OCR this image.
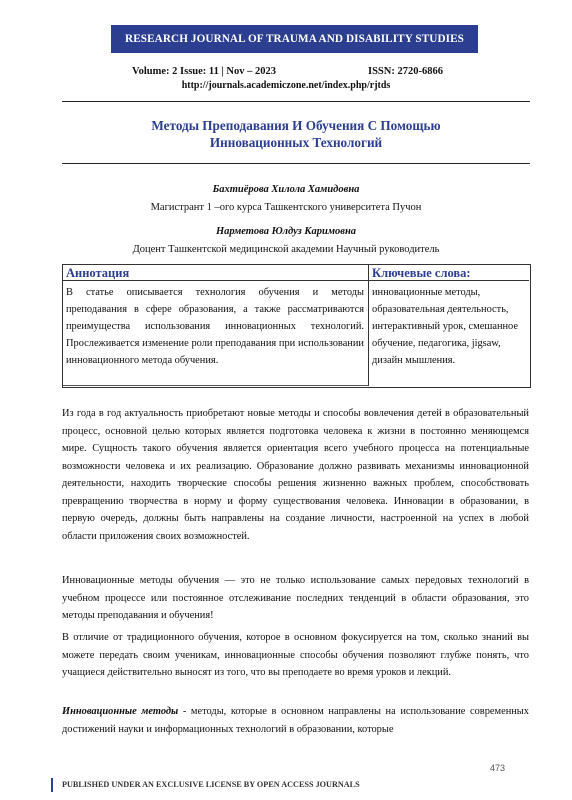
RESEARCH JOURNAL OF TRAUMA AND DISABILITY STUDIES
Volume: 2 Issue: 11 | Nov – 2023	ISSN: 2720-6866
http://journals.academiczone.net/index.php/rjtds
Методы Преподавания И Обучения С Помощью
Инновационных Технологий
Бахтиёрова Хилола Хамидовна
Магистрант 1 –ого курса Ташкентского университета Пучон
Нарметова Юлдуз Каримовна
Доцент Ташкентской медицинской академии Научный руководитель
Аннотация	Ключевые слова:
В статье описывается технология обучения и методы преподавания в сфере образования, а также рассматриваются преимущества использования инновационных технологий. Прослеживается изменение роли преподавания при использовании инновационного метода обучения.
инновационные методы, образовательная деятельность, интерактивный урок, смешанное обучение, педагогика, jigsaw, дизайн мышления.
Из года в год актуальность приобретают новые методы и способы вовлечения детей в образовательный процесс, основной целью которых является подготовка человека к жизни в постоянно меняющемся мире. Сущность такого обучения является ориентация всего учебного процесса на потенциальные возможности человека и их реализацию. Образование должно развивать механизмы инновационной деятельности, находить творческие способы решения жизненно важных проблем, способствовать превращению творчества в норму и форму существования человека. Инновации в образовании, в первую очередь, должны быть направлены на создание личности, настроенной на успех в любой области приложения своих возможностей.
Инновационные методы обучения — это не только использование самых передовых технологий в учебном процессе или постоянное отслеживание последних тенденций в области образования, это методы преподавания и обучения!
В отличие от традиционного обучения, которое в основном фокусируется на том, сколько знаний вы можете передать своим ученикам, инновационные способы обучения позволяют глубже понять, что учащиеся действительно выносят из того, что вы преподаете во время уроков и лекций.
Инновационные методы - методы, которые в основном направлены на использование современных достижений науки и информационных технологий в образовании, которые
473
PUBLISHED UNDER AN EXCLUSIVE LICENSE BY OPEN ACCESS JOURNALS
